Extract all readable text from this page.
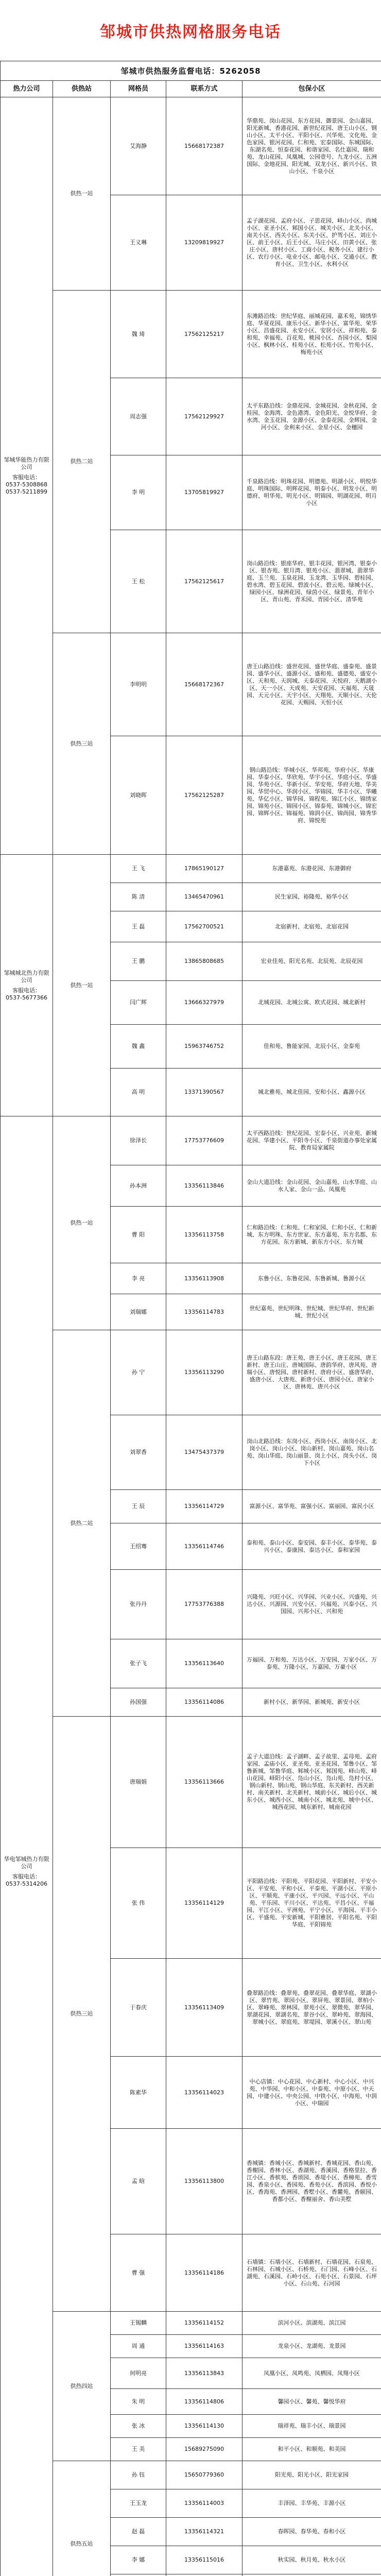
邹城市供热网格服务电话
邹城市供热服务监督电话：5262058				
热力公司	供热站	网格员	联系方式	包保小区

邹城华能热力有限公司
客服电话：
0537-5308868
0537-5211899	供热一站	艾海静	15668172387	华鼎苑、岗山花园、东方花园、御景园、金山嘉园、阳光新城、香港花园、新世纪花园、唐王山小区、钢山小区、太平小区、平阳小区、兴华苑、文化苑、金色家园、银河花园、仁和苑、宏泰国际、东城国际、东湖名苑、恒泰花园、和谐家园、名仕嘉园、瑞和苑、龙山花园、凤凰城、公园壹号、九龙小区、五洲国际、金地花园、阳光城、双龙小区、新兴小区、铁山小区、千泉小区
		王义琳	13209819927	孟子湖花园、孟府小区、子思花园、峄山小区、尚城小区、亚圣小区、邾国小区、城关小区、北关小区、南关小区、西关小区、东关小区、护驾小区、刘庄小区、前王小区、后王小区、马庄小区、田黄小区、张庄小区、唐村小区、工商小区、税务小区、建行小区、农行小区、电业小区、邮电小区、交通小区、教育小区、卫生小区、水利小区
	供热二站	魏 琦	17562125217	东滩路沿线：世纪华庭、丽城花园、嘉禾苑、锦绣华庭、华夏花园、康乐小区、新华小区、富华苑、荣华小区、昌盛花园、永安小区、安居小区、祥和苑、泰和苑、幸福苑、百花苑、桃园小区、杏园小区、梨园小区、枫林小区、桂苑小区、松苑小区、竹苑小区、梅苑小区
		周志强	17562129927	太平东路沿线：金鼎花园、金城花园、金秋花园、金桂园、金海湾、金色港湾、金色阳光、金悦华府、金水湾、金玉花园、金源小区、金泰花园、金辉园、金河小区、金利来小区、金星小区、金穗园
		李 明	13705819927	千泉路沿线：明珠花园、明德苑、明湖小区、明悦华庭、明珠国际、明辉花园、明泰小区、明发小区、明德府、明华苑、明光小区、明锦园、明湖花园、明月小区
		王 松	17562125617	岗山路沿线：银座华府、银丰花园、银河湾、银泰小区、银杏苑、银月湾、银苑小区、翡翠城、翡翠华庭、玉兰苑、玉泉花园、玉龙湾、玉华园、碧桂园、碧水湾、碧玉花园、碧波小区、碧云苑、绿城小区、绿园小区、绿洲花园、绿茵小区、绿景苑、青年小区、青山苑、青禾园、青园小区、清华苑
	供热三站	李明明	15668172367	唐王山路沿线：盛世花园、盛世华庭、盛泰苑、盛景园、盛华小区、盛源小区、盛和苑、盛德苑、盛安小区、天和苑、天润城、天泰花园、天悦府、天鹅湖小区、天一小区、天成苑、天安花园、天福苑、天晟园、天元小区、天宇小区、天翔苑、天顺小区、天伦花园、天赐园、天恒小区
		刘晓晖	17562125287	钢山路沿线：华城小区、华邦苑、华府小区、华康园、华泰小区、华欣苑、华宇小区、华庭小区、华盛园、华苑小区、华新小区、华安苑、华府天地、华美园、华贸中心、华润小区、华锦园、华丰小区、华曦苑、华亿小区、锦华园、锦程苑、锦江小区、锦绣家园、锦苑小区、锦园小区、锦泰苑、锦城小区、锦宏园、锦辉小区、锦福苑、锦润小区、锦尚园、锦秀华府、锦悦苑

邹城城北热力有限公司
客服电话：
0537-5677366	供热一站	王 飞	17865190127	东港嘉苑、东港花园、东港御府
		陈 清	13465470961	民生家园、裕隆苑、裕华小区
		王 磊	17562700521	北宿新村、北宿苑、北宿花园
		王 鹏	13865808685	宏业佳苑、阳光名苑、北辰苑、北辰花园
		闫广辉	13666327979	北城花园、北城公寓、欧式花园、城北新村
		魏 鑫	15963746752	佳和苑、鲁能家园、北辰小区、金泰苑
		高 明	13371390567	城北雅苑、城北佳园、安和小区、鑫源小区

华电邹城热力有限公司
客服电话：
0537-5314206	供热一站	徐泽长	17753776609	太平西路沿线：世纪花园、宏泰小区、兴业苑、新城花园、华建小区、平阳寺小区、千泉街道办事处家属院、教育局家属院
		孙本洲	13356113846	金山大道沿线：金山花园、金山嘉苑、山水华庭、山水人家、金山一品、凤凰苑
		曹 阳	13356113758	仁和路沿线：仁和苑、仁和家园、仁和小区、仁和新城、东方明珠、东方世家、东方嘉苑、东方名都、东方花园、东方新城、新东方小区、东方城
		李 亮	13356113908	东鲁小区、东鲁花园、东鲁新城、鲁源小区
		刘瑞娜	13356114783	世纪嘉苑、世纪明珠、世纪城、世纪华府、世纪新城、世纪小区
	供热二站	孙 宁	13356113290	唐王山路东段：唐王苑、唐王小区、唐王花园、唐王新村、唐王山庄、唐城国际、唐韵华府、唐风苑、唐瑞小区、唐悦园、唐村新村、唐府小区、盛唐华府、盛唐小区、大唐苑、新唐小区、唐园小区、唐家小区、唐林苑、唐兴小区
		刘翠香	13475437379	岗山北路沿线：东岗小区、西岗小区、南岗小区、北岗小区、岗山小区、岗山新村、岗山嘉苑、岗山名苑、岗山华庭、岗山丽景、岗上小区、岗头小区、岗下小区
		王 辰	13356114729	富源小区、富华苑、富强小区、富丽园、富民小区
		王绍骞	13356114746	泰和苑、泰山小区、泰安园、泰丰小区、泰华苑、泰兴小区、泰康园、泰达小区、泰和家园
		张丹丹	17753776388	兴隆苑、兴旺小区、兴华园、兴业小区、兴盛苑、兴达小区、兴源园、兴安小区、兴福苑、兴泰小区、兴国园、兴邦小区、兴和苑
		张子飞	13356113640	万福园、万和苑、万达小区、万安园、万家小区、万泰苑、万隆小区、万嘉园、万豪小区
		孙国强	13356114086	新村小区、新华园、新城苑、新安小区
	供热三站	唐瑞娟	13356113666	孟子大道沿线：孟子湖畔、孟子故里、孟母苑、孟府家园、孟庙小区、亚圣苑、亚圣花园、邹鲁小区、邹鲁新城、邹鲁华庭、邾城小区、邾国苑、峄山苑、峄山花园、峄阳小区、凫山小区、凫山苑、凫村小区、钢山新村、钢山苑、钢山华庭、东关新村、西关新村、南关新村、北关新村、城前小区、城后小区、城东小区、城西小区、城南小区、城北苑、城中小区、城西花园、城东新村、城南花园
		张 伟	13356114129	平阳路沿线：平阳苑、平阳花园、平阳新村、平安小区、平安苑、平和小区、平泰苑、平湖小区、平原小区、平顺苑、平康小区、平兴园、平远小区、平山苑、平乐园、平川小区、平达苑、平昌小区、平福园、平江小区、平洲苑、平宁小区、平海园、平丰小区、平盛苑、平安新城、平阳雅居、平阳名苑、平阳华庭、平阳锦苑
		于春庆	13356113409	叠翠路沿线：叠翠苑、叠翠花园、叠翠华庭、翠湖小区、翠竹苑、翠园小区、翠屏苑、翠景园、翠柏小区、翠峰苑、翠林园、翠苑小区、翠微苑、翠华园、翠湖花园、翠湖名苑、翠谷小区、翠岭苑、翠海园、翠城小区、翠庭苑、翠堤园、翠溪小区、翠山苑
		陈素华	13356114023	中心店镇：中心花园、中心新村、中心小区、中兴苑、中华园、中和小区、中泰苑、中原小区、中天园、中建小区、中央公园、中铁小区、中海苑、中润小区、中瑞园
		孟 晗	13356113800	香城镇：香城小区、香城新村、香城花园、香山苑、香榭园、香林小区、香湖苑、香溪园、香格里拉、香江小区、香槟苑、香颂园、香堤小区、香樟苑、香雪园、香泉小区、香园苑、香苑小区、香滨园、香悦小区、香海苑、香洲园、香墅小区、香麓苑、香颐园、香都小区、香榭丽舍、香山美墅
		曹 强	13356114186	石墙镇：石墙小区、石墙新村、石墙花园、石泉苑、石林园、石城小区、石桥苑、石门园、石峰小区、石湖苑、石溪园、石岭小区、石苑小区、石景园、石坪小区、石山苑、石河园
	供热四站	王锡麟	13356114152	滨河小区、滨湖苑、滨江园
		周 通	13356114163	龙泉小区、龙湖苑、龙景园
		何明亮	13356113843	凤凰小区、凤鸣苑、凤栖园、凤翔小区
		朱 明	13356114806	馨园小区、馨苑、馨悦华府
		张 冰	13356114130	瑞祥苑、瑞丰小区、瑞景园
		王 美	15689275090	和平小区、和顺苑、和美园
	供热五站	孙 钰	15650779360	阳光苑、阳光小区、阳光家园
		王玉龙	13356114003	丰泽园、丰华苑、丰源小区
		赵 磊	13356114321	春晖园、春华苑、春和小区
		李 娜	13356115016	秋实园、秋月苑、秋水小区
